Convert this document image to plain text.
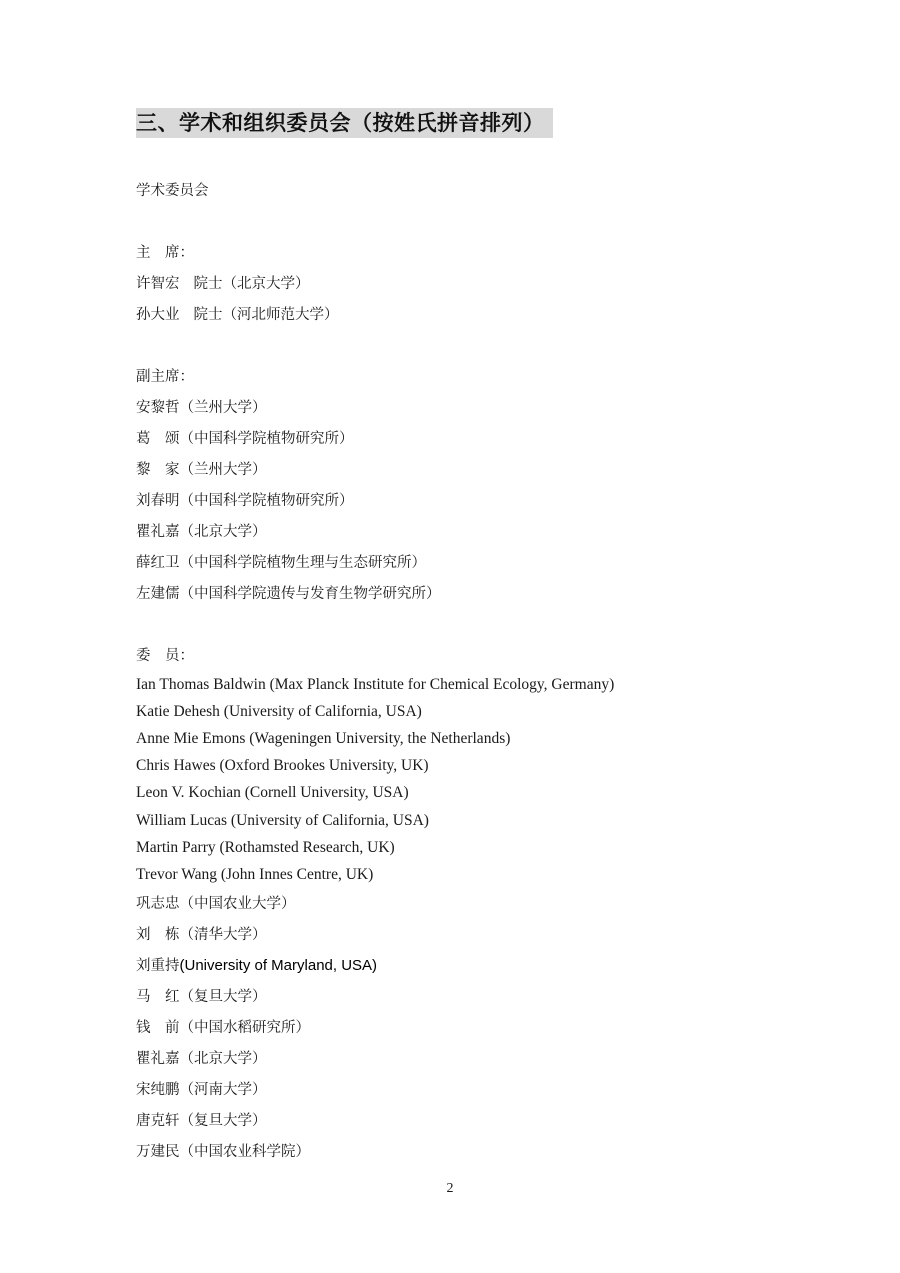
三、学术和组织委员会（按姓氏拼音排列）
学术委员会
主　席：
许智宏 院士（北京大学）
孙大业 院士（河北师范大学）
副主席：
安黎哲（兰州大学）
葛　颂（中国科学院植物研究所）
黎　家（兰州大学）
刘春明（中国科学院植物研究所）
瞿礼嘉（北京大学）
薛红卫（中国科学院植物生理与生态研究所）
左建儒（中国科学院遗传与发育生物学研究所）
委　员：
Ian Thomas Baldwin (Max Planck Institute for Chemical Ecology, Germany)
Katie Dehesh (University of California, USA)
Anne Mie Emons (Wageningen University, the Netherlands)
Chris Hawes (Oxford Brookes University, UK)
Leon V. Kochian (Cornell University, USA)
William Lucas (University of California, USA)
Martin Parry (Rothamsted Research, UK)
Trevor Wang (John Innes Centre, UK)
巩志忠（中国农业大学）
刘　栋（清华大学）
刘重持(University of Maryland, USA)
马　红（复旦大学）
钱　前（中国水稻研究所）
瞿礼嘉（北京大学）
宋纯鹏（河南大学）
唐克轩（复旦大学）
万建民（中国农业科学院）
2
